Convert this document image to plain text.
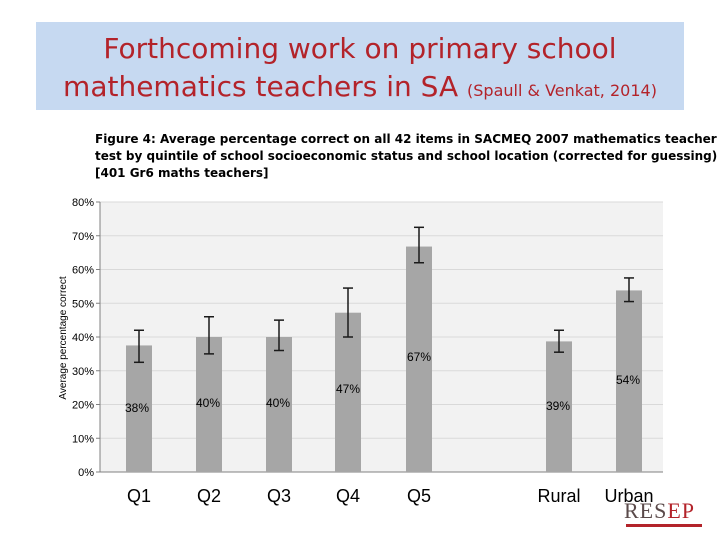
Forthcoming work on primary school
mathematics teachers in SA (Spaull & Venkat, 2014)
Figure 4: Average percentage correct on all 42 items in SACMEQ 2007 mathematics teacher
test by quintile of school socioeconomic status and school location (corrected for guessing)
[401 Gr6 maths teachers]
0%
10%
20%
30%
40%
50%
60%
70%
80%
Average percentage correct
38%
Q1
40%
Q2
40%
Q3
47%
Q4
67%
Q5
39%
Rural
54%
Urban
RESEP
